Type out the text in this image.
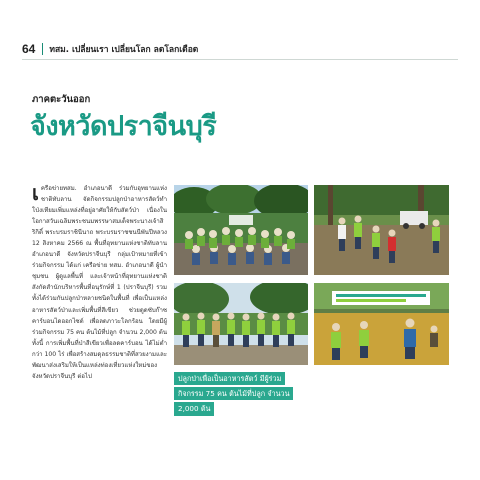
64 ทสม. เปลี่ยนเรา เปลี่ยนโลก ลดโลกเดือด
ภาคตะวันออก
จังหวัดปราจีนบุรี
เ ครือข่ายทสม. อำเภอนาดี ร่วมกับอุทยานแห่งชาติทับลาน จัดกิจกรรมปลูกป่าอาหารสัตว์ทำโป่งเทียมเพิ่มแหล่งที่อยู่อาศัยให้กับสัตว์ป่า เนื่องในโอกาสวันเฉลิมพระชนมพรรษาสมเด็จพระนางเจ้าสิริกิติ์ พระบรมราชินีนาถ พระบรมราชชนนีพันปีหลวง 12 สิงหาคม 2566 ณ พื้นที่อุทยานแห่งชาติทับลาน อำเภอนาดี จังหวัดปราจีนบุรี กลุ่มเป้าหมายที่เข้าร่วมกิจกรรม ได้แก่ เครือข่าย ทสม. อำเภอนาดี ผู้นำชุมชน ผู้ดูแลพื้นที่ และเจ้าหน้าที่อุทยานแห่งชาติ สังกัดสำนักบริหารพื้นที่อนุรักษ์ที่ 1 (ปราจีนบุรี) รวมทั้งได้ร่วมกันปลูกป่าหลายชนิดในพื้นที่ เพื่อเป็นแหล่งอาหารสัตว์ป่าและเพิ่มพื้นที่สีเขียว ช่วยดูดซับก๊าซคาร์บอนไดออกไซด์ เพื่อลดภาวะโลกร้อน โดยมีผู้ร่วมกิจกรรม 75 คน ต้นไม้ที่ปลูก จำนวน 2,000 ต้น ทั้งนี้ การเพิ่มพื้นที่ป่าสีเขียวเพื่อลดคาร์บอน ได้ไม่ต่ำกว่า 100 ไร่ เพื่อสร้างสมดุลธรรมชาติที่สวยงามและพัฒนาส่งเสริมให้เป็นแหล่งท่องเที่ยวแห่งใหม่ของจังหวัดปราจีนบุรี ต่อไป	ปลูกป่าเพื่อเป็นอาหารสัตว์ มีผู้ร่วม
กิจกรรม 75 คน ต้นไม้ที่ปลูก จำนวน
2,000 ต้น
